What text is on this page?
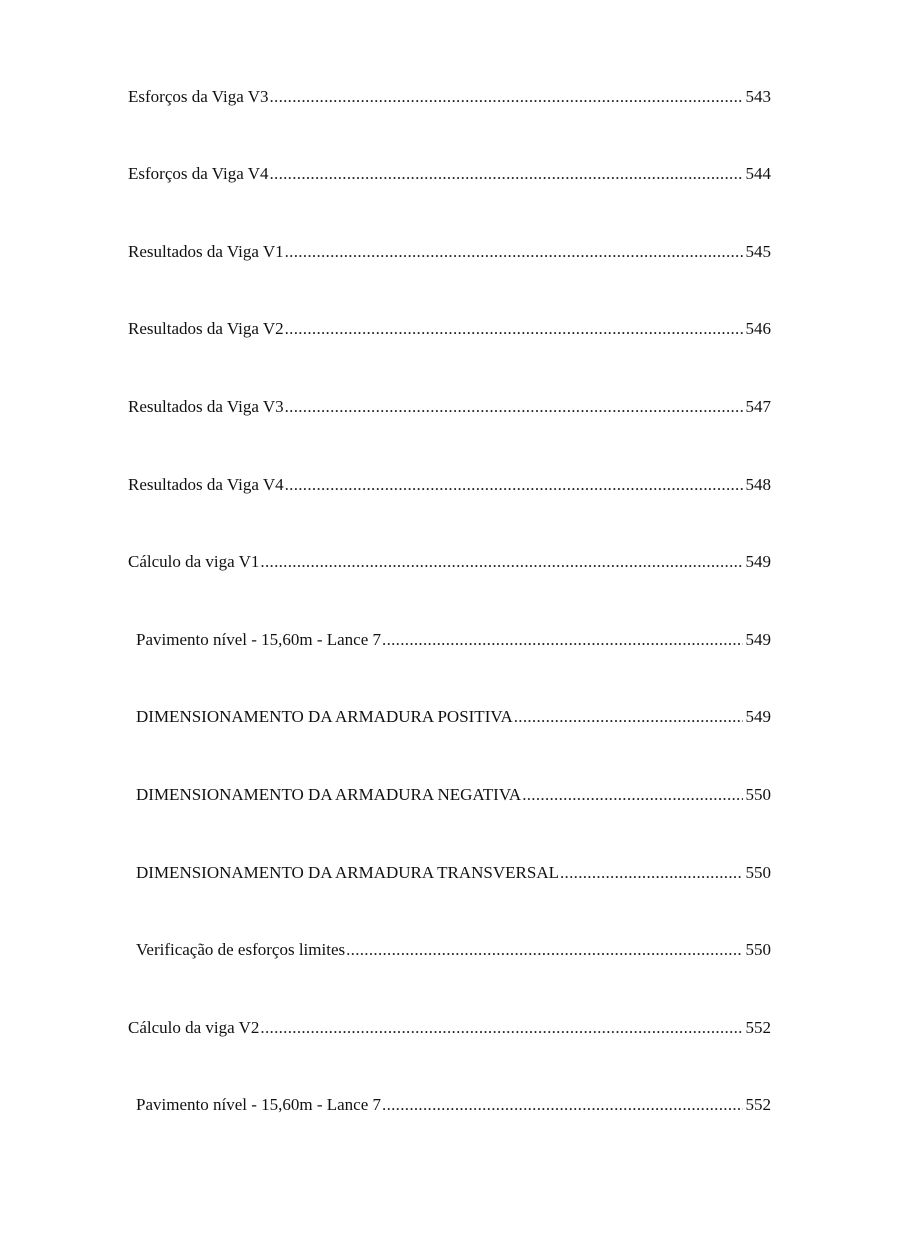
Esforços da Viga V3 .....	543
Esforços da Viga V4 .....	544
Resultados da Viga V1 .....	545
Resultados da Viga V2 .....	546
Resultados da Viga V3 .....	547
Resultados da Viga V4 .....	548
Cálculo da viga V1 .....	549
Pavimento nível - 15,60m - Lance 7 .....	549
DIMENSIONAMENTO DA ARMADURA POSITIVA .....	549
DIMENSIONAMENTO DA ARMADURA NEGATIVA .....	550
DIMENSIONAMENTO DA ARMADURA TRANSVERSAL .....	550
Verificação de esforços limites .....	550
Cálculo da viga V2 .....	552
Pavimento nível - 15,60m - Lance 7 .....	552
